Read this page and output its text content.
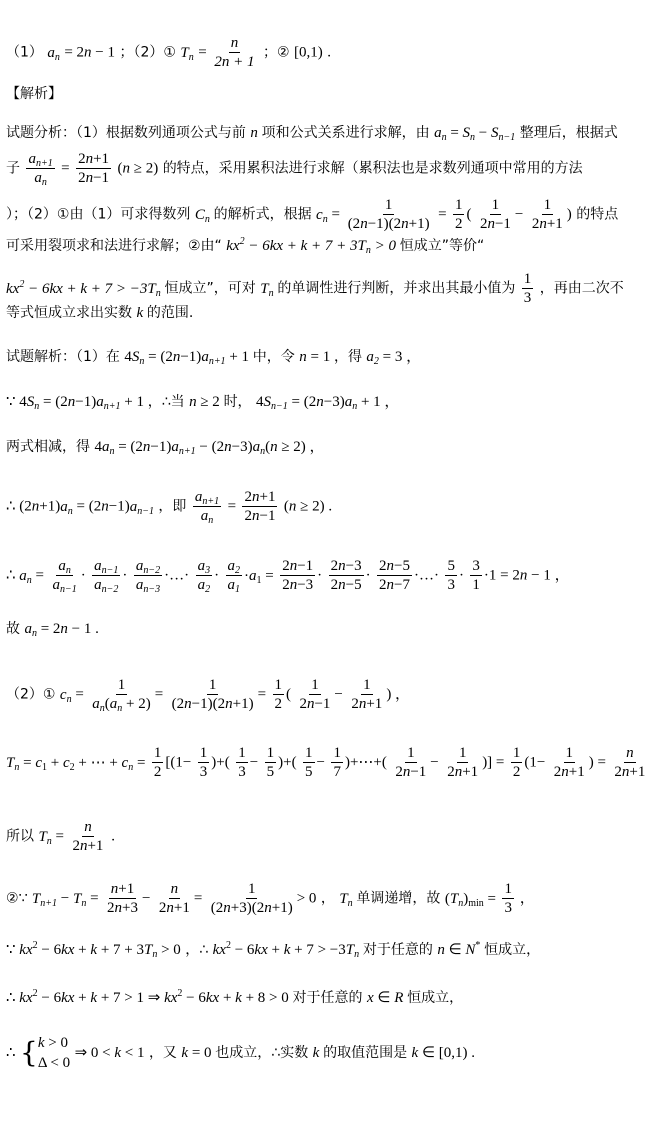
（1） $a_n = 2n - 1$ ；（2）① $T_n = \frac{n}{2n + 1}$ ；② [0,1) .
【解析】
试题分析：（1）根据数列通项公式与前 n 项和公式关系进行求解，由 $a_n = S_n - S_{n-1}$ 整理后，根据式
子 $\frac{a_{n+1}}{a_n} = \frac{2n+1}{2n-1} (n \ge 2)$ 的特点，采用累积法进行求解（累积法也是求数列通项中常用的方法
）；（2）①由（1）可求得数列 $C_n$ 的解析式，根据 $c_n = \frac{1}{(2n-1)(2n+1)} = \frac{1}{2}$ ( $\frac{1}{2n-1} - \frac{1}{2n+1}$ ) 的特点
可采用裂项求和法进行求解；②由“ $kx^2 - 6kx + k + 7 + 3T_n > 0$ 恒成立”等价“
$kx^2 - 6kx + k + 7 > -3T_n$ 恒成立”，可对 $T_n$ 的单调性进行判断，并求出其最小值为 $\frac{1}{3}$ ，再由二次不
等式恒成立求出实数 k 的范围.
试题解析：（1）在 $4S_n = (2n-1)a_{n+1} + 1$ 中，令 n = 1 ，得 $a_2 = 3$ ，
∵ $4S_n = (2n-1)a_{n+1} + 1$ ，∴当 n ≥ 2 时， $4S_{n-1} = (2n-3)a_n + 1$ ，
两式相减，得 $4a_n = (2n-1)a_{n+1} - (2n-3)a_n(n \ge 2)$ ，
∴ $(2n+1)a_n = (2n-1)a_{n-1}$ ，即 $\frac{a_{n+1}}{a_n} = \frac{2n+1}{2n-1} (n \ge 2)$ .
∴ $a_n = \frac{a_n}{a_{n-1}} \cdot \frac{a_{n-1}}{a_{n-2}} \cdot \frac{a_{n-2}}{a_{n-3}}$ ·…· $\frac{a_3}{a_2} \cdot \frac{a_2}{a_1} \cdot a_1 = \frac{2n-1}{2n-3} \cdot \frac{2n-3}{2n-5} \cdot \frac{2n-5}{2n-7}$ ·…· $\frac{5}{3} \cdot \frac{3}{1} \cdot 1 = 2n - 1$ ，
故 $a_n = 2n - 1$ .
（2）① $c_n = \frac{1}{a_n(a_n + 2)} = \frac{1}{(2n-1)(2n+1)} = \frac{1}{2}$ ( $\frac{1}{2n-1} - \frac{1}{2n+1}$ ) ，
$T_n = c_1 + c_2$ + ⋯ + $c_n = \frac{1}{2} [(1- \frac{1}{3}$ )+( $\frac{1}{3} - \frac{1}{5}$ )+( $\frac{1}{5} - \frac{1}{7}$ )+⋯+( $\frac{1}{2n-1} - \frac{1}{2n+1}$ )] = $\frac{1}{2} (1- \frac{1}{2n+1}$ ) = $\frac{n}{2n+1}$
所以 $T_n = \frac{n}{2n+1}$ .
②∵ $T_{n+1} - T_n = \frac{n+1}{2n+3} - \frac{n}{2n+1} = \frac{1}{(2n+3)(2n+1)} > 0$ ， $T_n$ 单调递增，故 $(T_n)_{min} = \frac{1}{3}$ ，
∵ $kx^2 - 6kx + k + 7 + 3T_n > 0$ ，∴ $kx^2 - 6kx + k + 7 > -3T_n$ 对于任意的 n ∈ N* 恒成立，
∴ $kx^2 - 6kx + k + 7 > 1$ ⇒ $kx^2 - 6kx + k + 8 > 0$ 对于任意的 x ∈ R 恒成立，
∴ { k > 0
Δ < 0
⇒ 0 < k < 1 ，又 k = 0 也成立，∴实数 k 的取值范围是 k ∈ [0,1) .
